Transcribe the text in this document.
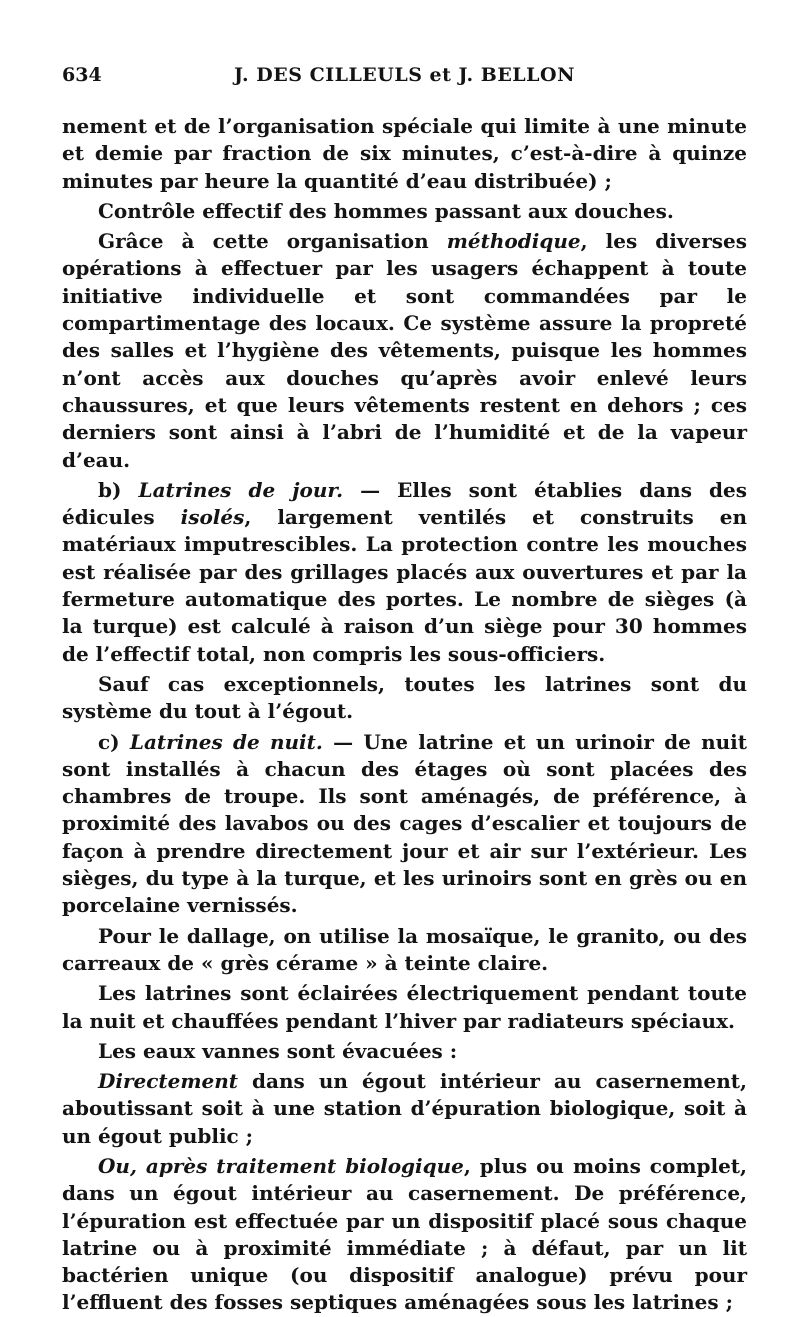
634	J. DES CILLEULS et J. BELLON

nement et de l’organisation spéciale qui limite à une minute et demie par fraction de six minutes, c’est-à-dire à quinze minutes par heure la quantité d’eau distribuée) ;

Contrôle effectif des hommes passant aux douches.

Grâce à cette organisation méthodique, les diverses opérations à effectuer par les usagers échappent à toute initiative individuelle et sont commandées par le compartimentage des locaux. Ce système assure la propreté des salles et l’hygiène des vêtements, puisque les hommes n’ont accès aux douches qu’après avoir enlevé leurs chaussures, et que leurs vêtements restent en dehors ; ces derniers sont ainsi à l’abri de l’humidité et de la vapeur d’eau.

b) Latrines de jour. — Elles sont établies dans des édicules isolés, largement ventilés et construits en matériaux imputrescibles. La protection contre les mouches est réalisée par des grillages placés aux ouvertures et par la fermeture automatique des portes. Le nombre de sièges (à la turque) est calculé à raison d’un siège pour 30 hommes de l’effectif total, non compris les sous-officiers.

Sauf cas exceptionnels, toutes les latrines sont du système du tout à l’égout.

c) Latrines de nuit. — Une latrine et un urinoir de nuit sont installés à chacun des étages où sont placées des chambres de troupe. Ils sont aménagés, de préférence, à proximité des lavabos ou des cages d’escalier et toujours de façon à prendre directement jour et air sur l’extérieur. Les sièges, du type à la turque, et les urinoirs sont en grès ou en porcelaine vernissés.

Pour le dallage, on utilise la mosaïque, le granito, ou des carreaux de « grès cérame » à teinte claire.

Les latrines sont éclairées électriquement pendant toute la nuit et chauffées pendant l’hiver par radiateurs spéciaux.

Les eaux vannes sont évacuées :

Directement dans un égout intérieur au casernement, aboutissant soit à une station d’épuration biologique, soit à un égout public ;

Ou, après traitement biologique, plus ou moins complet, dans un égout intérieur au casernement. De préférence, l’épuration est effectuée par un dispositif placé sous chaque latrine ou à proximité immédiate ; à défaut, par un lit bactérien unique (ou dispositif analogue) prévu pour l’effluent des fosses septiques aménagées sous les latrines ;
